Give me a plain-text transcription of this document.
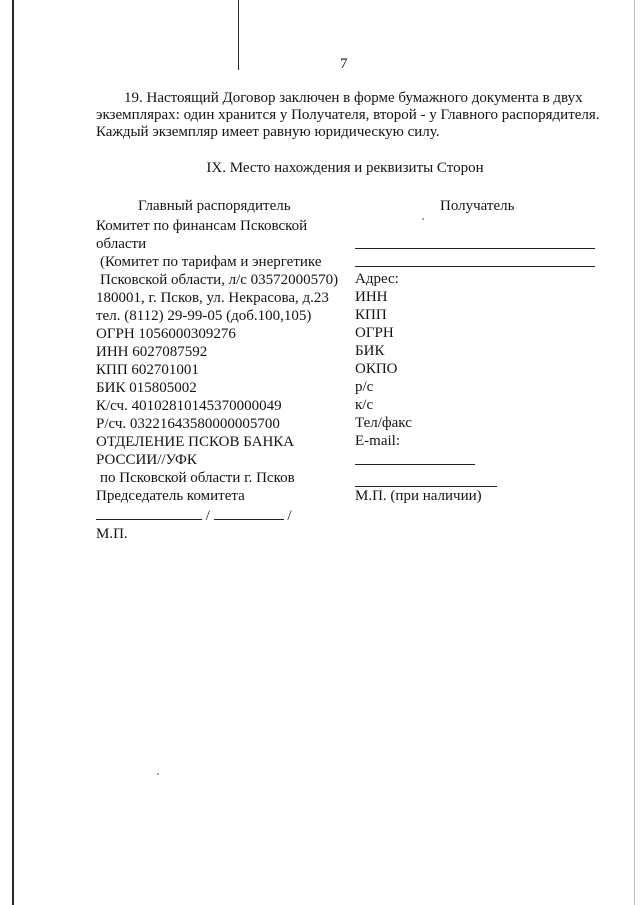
7

19. Настоящий Договор заключен в форме бумажного документа в двух

экземплярах: один хранится у Получателя, второй - у Главного распорядителя.

Каждый экземпляр имеет равную юридическую силу.

IX. Место нахождения и реквизиты Сторон
Главный распорядитель
Комитет по финансам Псковской
области
(Комитет по тарифам и энергетике
Псковской области, л/с 03572000570)
180001, г. Псков, ул. Некрасова, д.23
тел. (8112) 29-99-05 (доб.100,105)
ОГРН 1056000309276
ИНН 6027087592
КПП 602701001
БИК 015805002
К/сч. 40102810145370000049
Р/сч. 03221643580000005700
ОТДЕЛЕНИЕ ПСКОВ БАНКА
РОССИИ//УФК
по Псковской области г. Псков
Председатель комитета
/	/
М.П.
Получатель
Адрес:
ИНН
КПП
ОГРН
БИК
ОКПО
р/с
к/с
Тел/факс
E-mail:
М.П. (при наличии)
